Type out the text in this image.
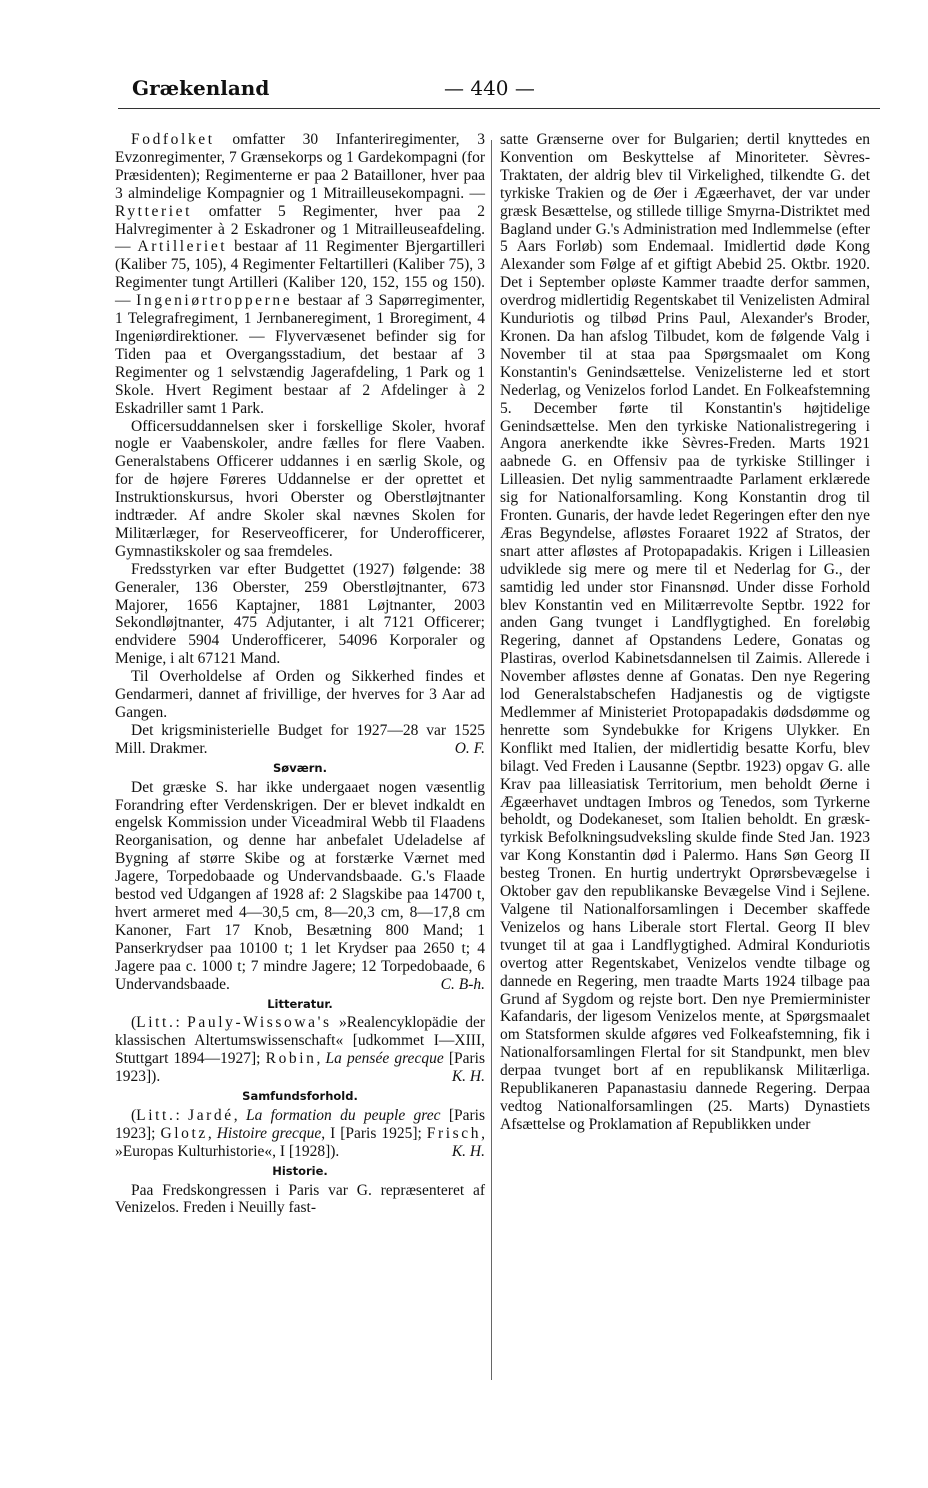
Grækenland	— 440 —

Fodfolket omfatter 30 Infanteriregimenter, 3 Evzonregimenter, 7 Grænsekorps og 1 Gardekompagni (for Præsidenten); Regimenterne er paa 2 Batailloner, hver paa 3 almindelige Kompagnier og 1 Mitrailleusekompagni. — Rytteriet omfatter 5 Regimenter, hver paa 2 Halvregimenter à 2 Eskadroner og 1 Mitrailleuseafdeling. — Artilleriet bestaar af 11 Regimenter Bjergartilleri (Kaliber 75, 105), 4 Regimenter Feltartilleri (Kaliber 75), 3 Regimenter tungt Artilleri (Kaliber 120, 152, 155 og 150). — Ingeniørtropperne bestaar af 3 Sapørregimenter, 1 Telegrafregiment, 1 Jernbaneregiment, 1 Broregiment, 4 Ingeniørdirektioner. — Flyvervæsenet befinder sig for Tiden paa et Overgangsstadium, det bestaar af 3 Regimenter og 1 selvstændig Jagerafdeling, 1 Park og 1 Skole. Hvert Regiment bestaar af 2 Afdelinger à 2 Eskadriller samt 1 Park.

Officersuddannelsen sker i forskellige Skoler, hvoraf nogle er Vaabenskoler, andre fælles for flere Vaaben. Generalstabens Officerer uddannes i en særlig Skole, og for de højere Føreres Uddannelse er der oprettet et Instruktionskursus, hvori Oberster og Oberstløjtnanter indtræder. Af andre Skoler skal nævnes Skolen for Militærlæger, for Reserveofficerer, for Underofficerer, Gymnastikskoler og saa fremdeles.

Fredsstyrken var efter Budgettet (1927) følgende: 38 Generaler, 136 Oberster, 259 Oberstløjtnanter, 673 Majorer, 1656 Kaptajner, 1881 Løjtnanter, 2003 Sekondløjtnanter, 475 Adjutanter, i alt 7121 Officerer; endvidere 5904 Underofficerer, 54096 Korporaler og Menige, i alt 67121 Mand.

Til Overholdelse af Orden og Sikkerhed findes et Gendarmeri, dannet af frivillige, der hverves for 3 Aar ad Gangen.

Det krigsministerielle Budget for 1927—28 var 1525 Mill. Drakmer.	O. F.

Søværn.

Det græske S. har ikke undergaaet nogen væsentlig Forandring efter Verdenskrigen. Der er blevet indkaldt en engelsk Kommission under Viceadmiral Webb til Flaadens Reorganisation, og denne har anbefalet Udeladelse af Bygning af større Skibe og at forstærke Værnet med Jagere, Torpedobaade og Undervandsbaade. G.'s Flaade bestod ved Udgangen af 1928 af: 2 Slagskibe paa 14700 t, hvert armeret med 4—30,5 cm, 8—20,3 cm, 8—17,8 cm Kanoner, Fart 17 Knob, Besætning 800 Mand; 1 Panserkrydser paa 10100 t; 1 let Krydser paa 2650 t; 4 Jagere paa c. 1000 t; 7 mindre Jagere; 12 Torpedobaade, 6 Undervandsbaade.	C. B-h.

Litteratur.

(Litt.: Pauly-Wissowa's »Realencyklopädie der klassischen Altertumswissenschaft« [udkommet I—XIII, Stuttgart 1894—1927]; Robin, La pensée grecque [Paris 1923]).	K. H.

Samfundsforhold.

(Litt.: Jardé, La formation du peuple grec [Paris 1923]; Glotz, Histoire grecque, I [Paris 1925]; Frisch, »Europas Kulturhistorie«, I [1928]).	K. H.

Historie.

Paa Fredskongressen i Paris var G. repræsenteret af Venizelos. Freden i Neuilly fast-

satte Grænserne over for Bulgarien; dertil knyttedes en Konvention om Beskyttelse af Minoriteter. Sèvres-Traktaten, der aldrig blev til Virkelighed, tilkendte G. det tyrkiske Trakien og de Øer i Ægæerhavet, der var under græsk Besættelse, og stillede tillige Smyrna-Distriktet med Bagland under G.'s Administration med Indlemmelse (efter 5 Aars Forløb) som Endemaal. Imidlertid døde Kong Alexander som Følge af et giftigt Abebid 25. Oktbr. 1920. Det i September opløste Kammer traadte derfor sammen, overdrog midlertidig Regentskabet til Venizelisten Admiral Kunduriotis og tilbød Prins Paul, Alexander's Broder, Kronen. Da han afslog Tilbudet, kom de følgende Valg i November til at staa paa Spørgsmaalet om Kong Konstantin's Genindsættelse. Venizelisterne led et stort Nederlag, og Venizelos forlod Landet. En Folkeafstemning 5. December førte til Konstantin's højtidelige Genindsættelse. Men den tyrkiske Nationalistregering i Angora anerkendte ikke Sèvres-Freden. Marts 1921 aabnede G. en Offensiv paa de tyrkiske Stillinger i Lilleasien. Det nylig sammentraadte Parlament erklærede sig for Nationalforsamling. Kong Konstantin drog til Fronten. Gunaris, der havde ledet Regeringen efter den nye Æras Begyndelse, afløstes Foraaret 1922 af Stratos, der snart atter afløstes af Protopapadakis. Krigen i Lilleasien udviklede sig mere og mere til et Nederlag for G., der samtidig led under stor Finansnød. Under disse Forhold blev Konstantin ved en Militærrevolte Septbr. 1922 for anden Gang tvunget i Landflygtighed. En foreløbig Regering, dannet af Opstandens Ledere, Gonatas og Plastiras, overlod Kabinetsdannelsen til Zaimis. Allerede i November afløstes denne af Gonatas. Den nye Regering lod Generalstabschefen Hadjanestis og de vigtigste Medlemmer af Ministeriet Protopapadakis dødsdømme og henrette som Syndebukke for Krigens Ulykker. En Konflikt med Italien, der midlertidig besatte Korfu, blev bilagt. Ved Freden i Lausanne (Septbr. 1923) opgav G. alle Krav paa lilleasiatisk Territorium, men beholdt Øerne i Ægæerhavet undtagen Imbros og Tenedos, som Tyrkerne beholdt, og Dodekaneset, som Italien beholdt. En græsk-tyrkisk Befolkningsudveksling skulde finde Sted Jan. 1923 var Kong Konstantin død i Palermo. Hans Søn Georg II besteg Tronen. En hurtig undertrykt Oprørsbevægelse i Oktober gav den republikanske Bevægelse Vind i Sejlene. Valgene til Nationalforsamlingen i December skaffede Venizelos og hans Liberale stort Flertal. Georg II blev tvunget til at gaa i Landflygtighed. Admiral Konduriotis overtog atter Regentskabet, Venizelos vendte tilbage og dannede en Regering, men traadte Marts 1924 tilbage paa Grund af Sygdom og rejste bort. Den nye Premierminister Kafandaris, der ligesom Venizelos mente, at Spørgsmaalet om Statsformen skulde afgøres ved Folkeafstemning, fik i Nationalforsamlingen Flertal for sit Standpunkt, men blev derpaa tvunget bort af en republikansk Militærliga. Republikaneren Papanastasiu dannede Regering. Derpaa vedtog Nationalforsamlingen (25. Marts) Dynastiets Afsættelse og Proklamation af Republikken under
